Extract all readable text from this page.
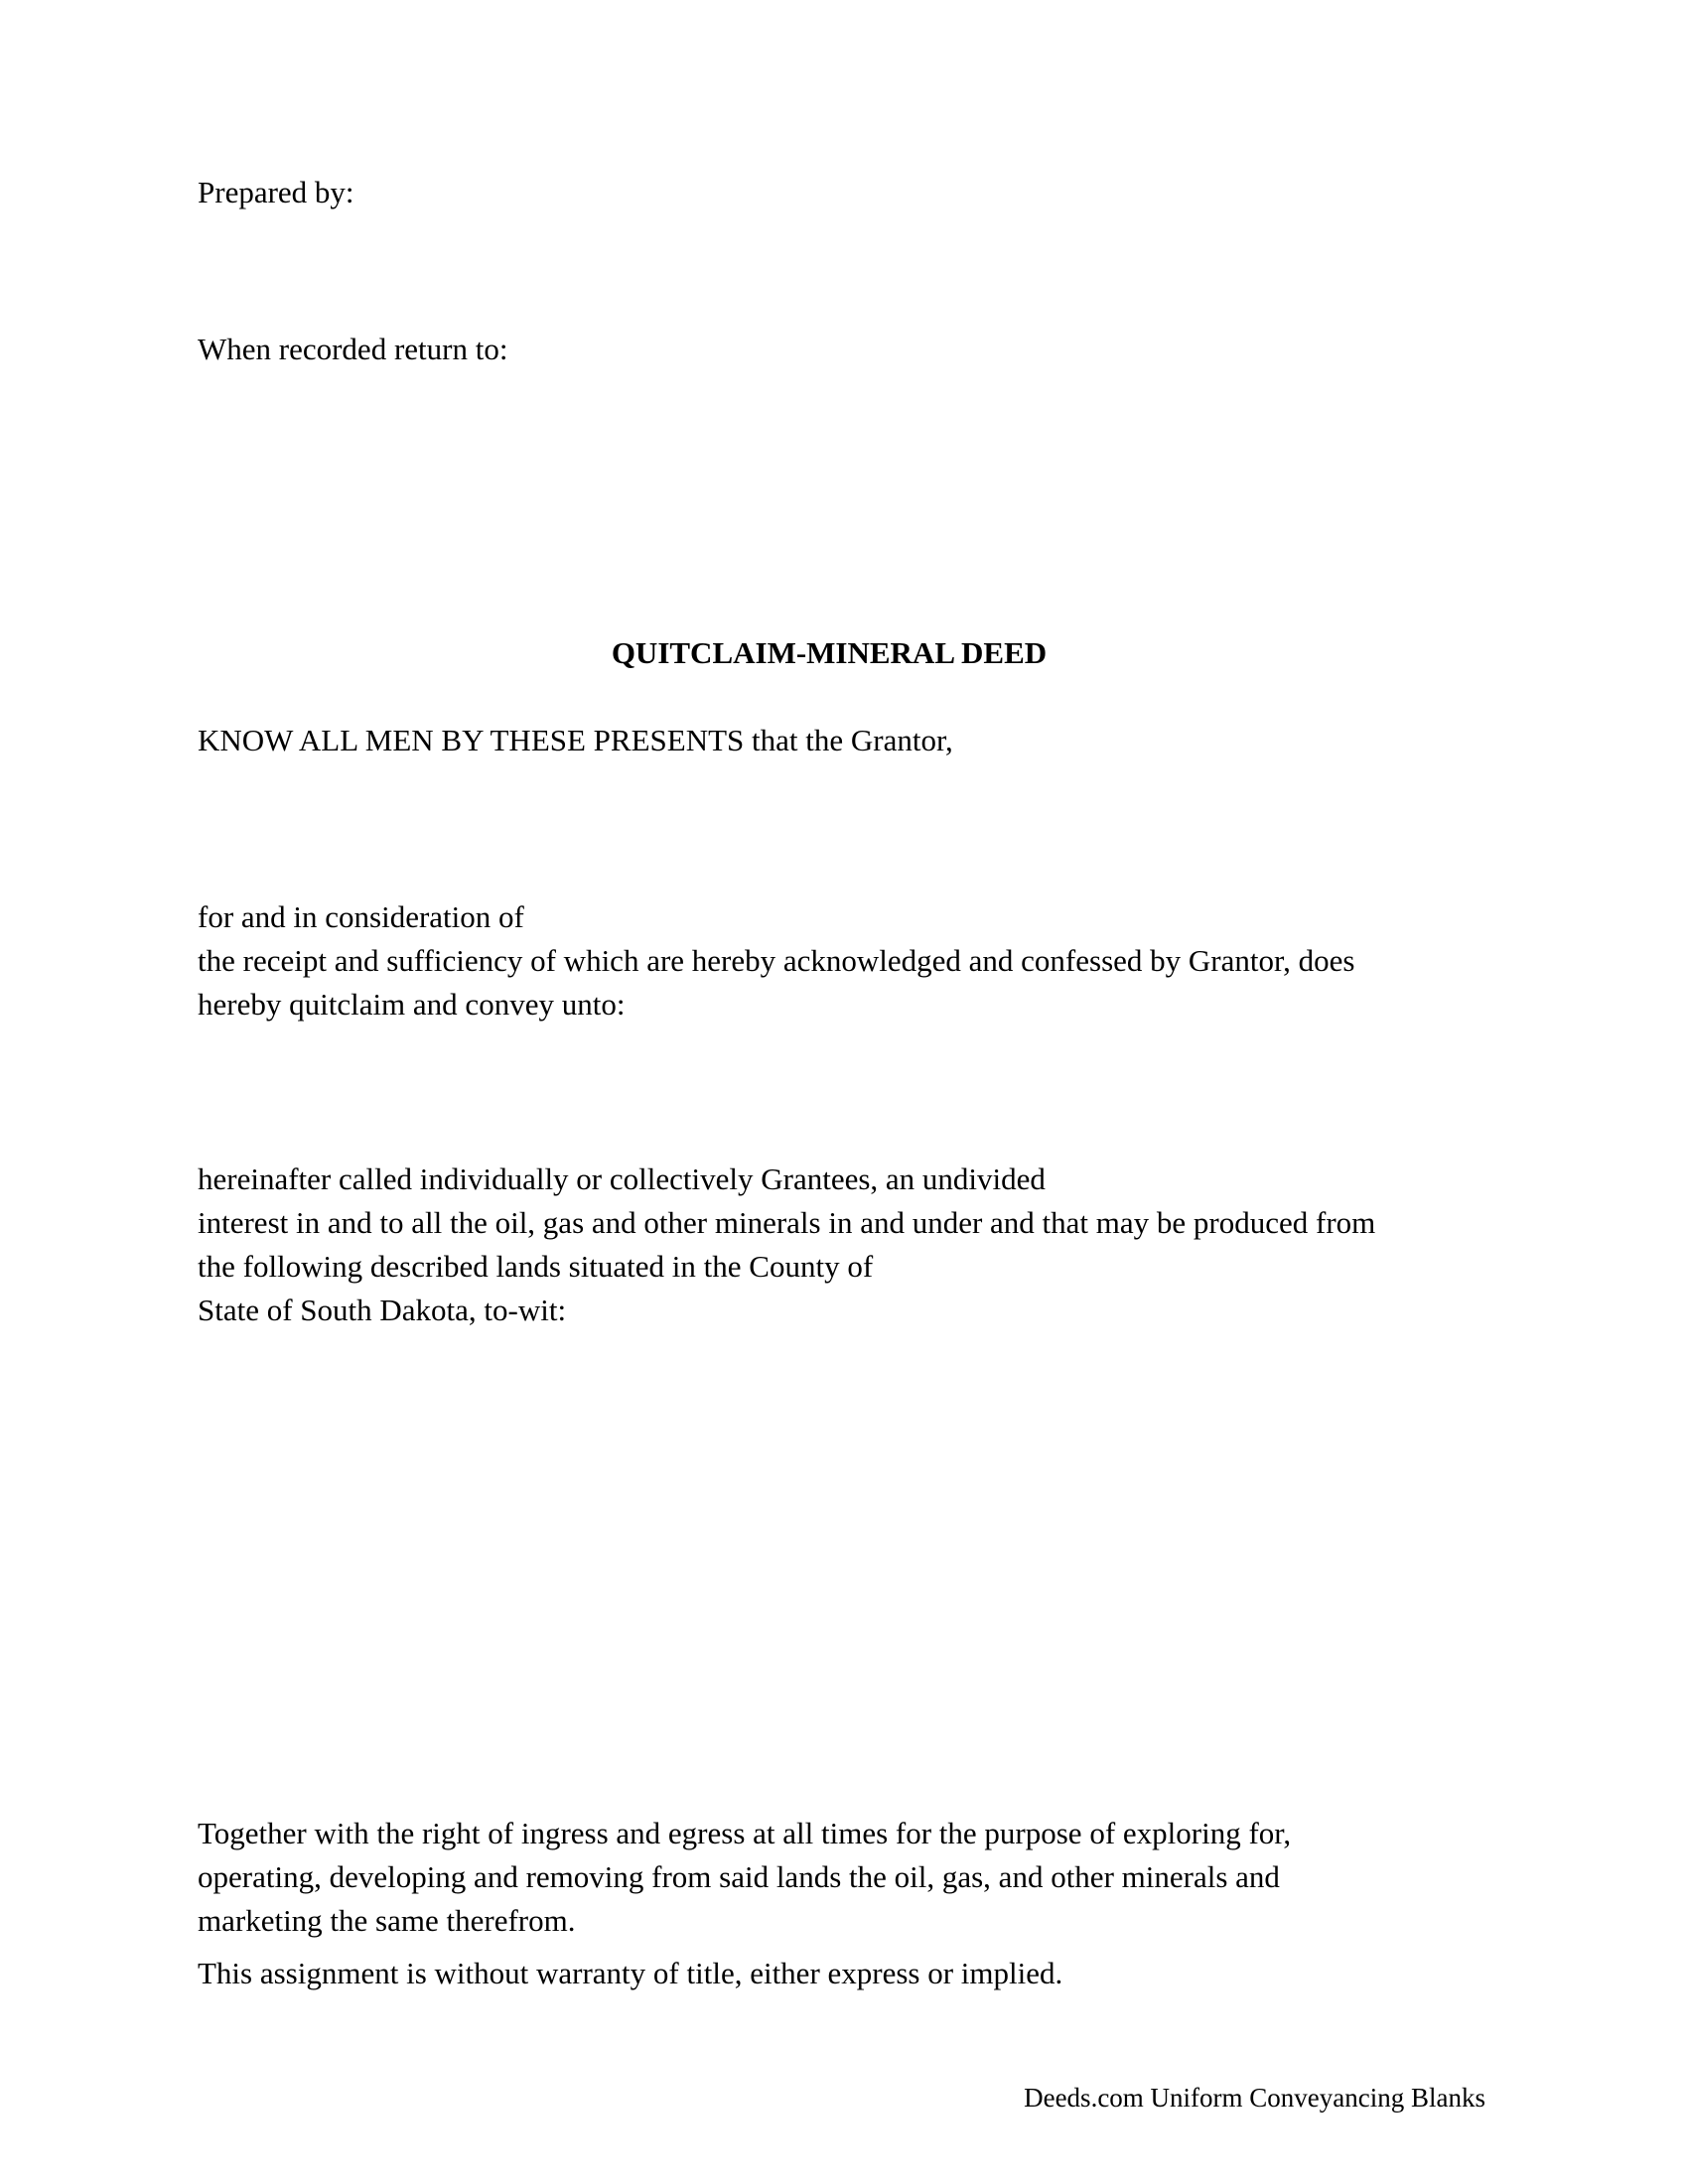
Prepared by:

When recorded return to:

QUITCLAIM-MINERAL DEED

KNOW ALL MEN BY THESE PRESENTS that the Grantor,

for and in consideration of

the receipt and sufficiency of which are hereby acknowledged and confessed by Grantor, does

hereby quitclaim and convey unto:

hereinafter called individually or collectively Grantees, an undivided

interest in and to all the oil, gas and other minerals in and under and that may be produced from

the following described lands situated in the County of

State of South Dakota, to-wit:

Together with the right of ingress and egress at all times for the purpose of exploring for,

operating, developing and removing from said lands the oil, gas, and other minerals and

marketing the same therefrom.

This assignment is without warranty of title, either express or implied.

Deeds.com Uniform Conveyancing Blanks
